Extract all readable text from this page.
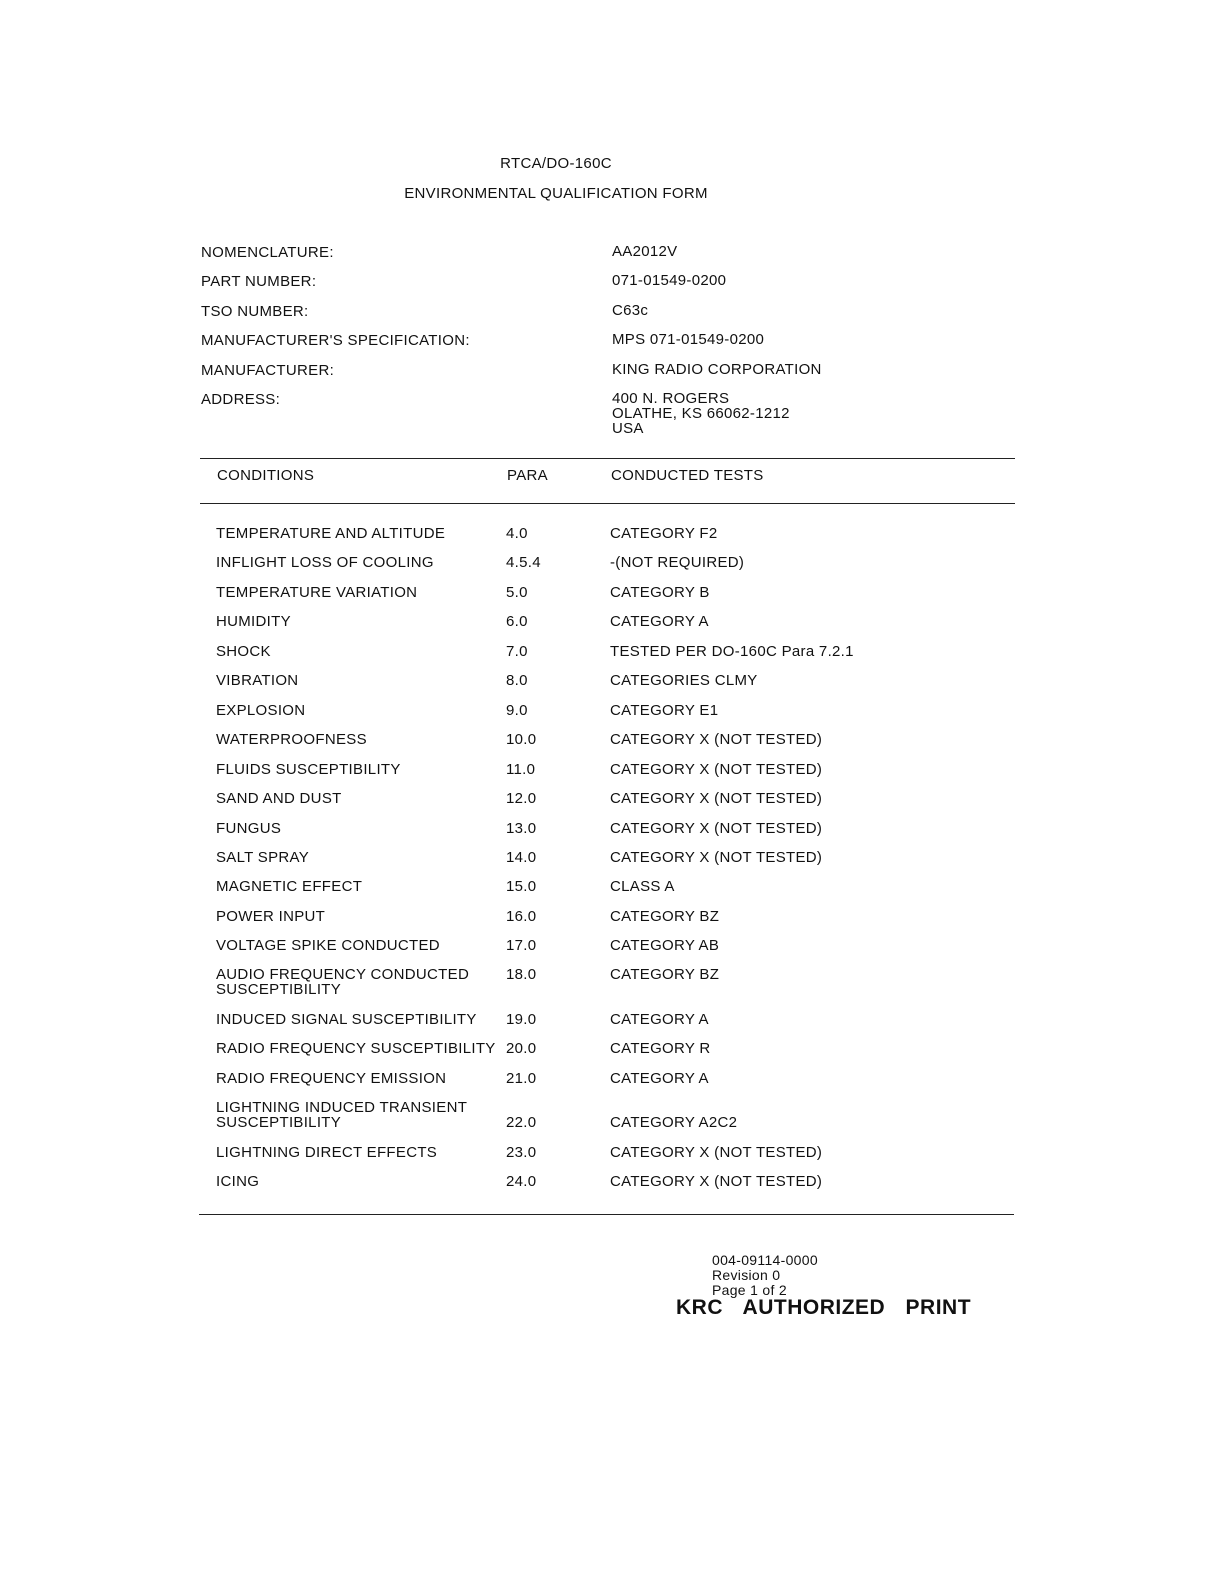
RTCA/DO-160C
ENVIRONMENTAL QUALIFICATION FORM
NOMENCLATURE:	AA2012V
PART NUMBER:	071-01549-0200
TSO NUMBER:	C63c
MANUFACTURER'S SPECIFICATION:	MPS 071-01549-0200
MANUFACTURER:	KING RADIO CORPORATION
ADDRESS:	400 N. ROGERS
OLATHE, KS 66062-1212
USA
CONDITIONS	PARA	CONDUCTED TESTS
TEMPERATURE AND ALTITUDE	4.0	CATEGORY F2
INFLIGHT LOSS OF COOLING	4.5.4	-(NOT REQUIRED)
TEMPERATURE VARIATION	5.0	CATEGORY B
HUMIDITY	6.0	CATEGORY A
SHOCK	7.0	TESTED PER DO-160C Para 7.2.1
VIBRATION	8.0	CATEGORIES CLMY
EXPLOSION	9.0	CATEGORY E1
WATERPROOFNESS	10.0	CATEGORY X (NOT TESTED)
FLUIDS SUSCEPTIBILITY	11.0	CATEGORY X (NOT TESTED)
SAND AND DUST	12.0	CATEGORY X (NOT TESTED)
FUNGUS	13.0	CATEGORY X (NOT TESTED)
SALT SPRAY	14.0	CATEGORY X (NOT TESTED)
MAGNETIC EFFECT	15.0	CLASS A
POWER INPUT	16.0	CATEGORY BZ
VOLTAGE SPIKE CONDUCTED	17.0	CATEGORY AB
AUDIO FREQUENCY CONDUCTED
SUSCEPTIBILITY
18.0	CATEGORY BZ
INDUCED SIGNAL SUSCEPTIBILITY 19.0	CATEGORY A
RADIO FREQUENCY SUSCEPTIBILITY 20.0	CATEGORY R
RADIO FREQUENCY EMISSION	21.0	CATEGORY A
LIGHTNING INDUCED TRANSIENT
SUSCEPTIBILITY	22.0	CATEGORY A2C2
LIGHTNING DIRECT EFFECTS	23.0	CATEGORY X (NOT TESTED)
ICING	24.0	CATEGORY X (NOT TESTED)
004-09114-0000
Revision 0
Page 1 of 2
KRC AUTHORIZED PRINT
